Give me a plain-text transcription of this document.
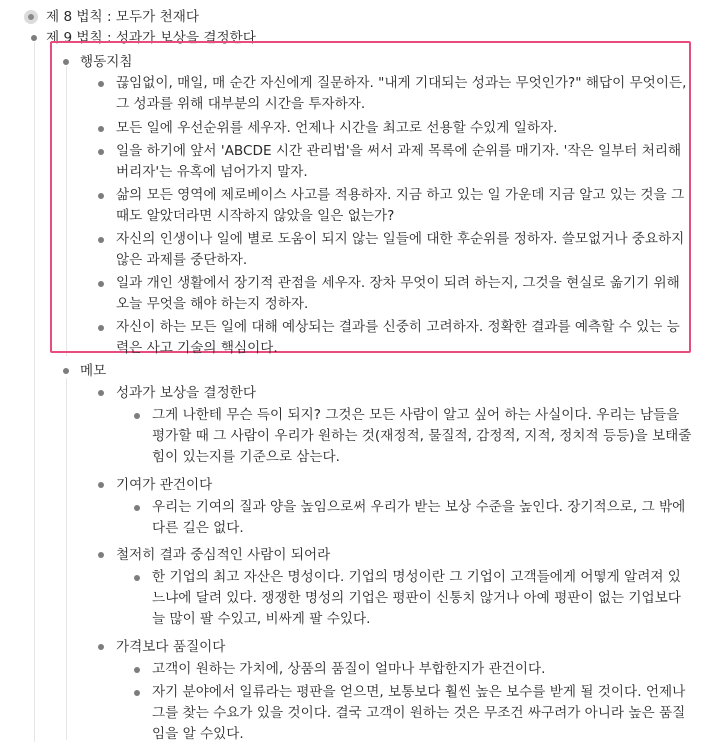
제 8 법칙 : 모두가 천재다
제 9 법칙 : 성과가 보상을 결정한다
행동지침
끊임없이, 매일, 매 순간 자신에게 질문하자. "내게 기대되는 성과는 무엇인가?" 해답이 무엇이든,
그 성과를 위해 대부분의 시간을 투자하자.
모든 일에 우선순위를 세우자. 언제나 시간을 최고로 선용할 수있게 일하자.
일을 하기에 앞서 'ABCDE 시간 관리법'을 써서 과제 목록에 순위를 매기자. '작은 일부터 처리해
버리자'는 유혹에 넘어가지 말자.
삶의 모든 영역에 제로베이스 사고를 적용하자. 지금 하고 있는 일 가운데 지금 알고 있는 것을 그
때도 알았더라면 시작하지 않았을 일은 없는가?
자신의 인생이나 일에 별로 도움이 되지 않는 일들에 대한 후순위를 정하자. 쓸모없거나 중요하지
않은 과제를 중단하자.
일과 개인 생활에서 장기적 관점을 세우자. 장차 무엇이 되려 하는지, 그것을 현실로 옮기기 위해
오늘 무엇을 해야 하는지 정하자.
자신이 하는 모든 일에 대해 예상되는 결과를 신중히 고려하자. 정확한 결과를 예측할 수 있는 능
력은 사고 기술의 핵심이다.
메모
성과가 보상을 결정한다
그게 나한테 무슨 득이 되지? 그것은 모든 사람이 알고 싶어 하는 사실이다. 우리는 남들을
평가할 때 그 사람이 우리가 원하는 것(재정적, 물질적, 감정적, 지적, 정치적 등등)을 보태줄
힘이 있는지를 기준으로 삼는다.
기여가 관건이다
우리는 기여의 질과 양을 높임으로써 우리가 받는 보상 수준을 높인다. 장기적으로, 그 밖에
다른 길은 없다.
철저히 결과 중심적인 사람이 되어라
한 기업의 최고 자산은 명성이다. 기업의 명성이란 그 기업이 고객들에게 어떻게 알려져 있
느냐에 달려 있다. 쟁쟁한 명성의 기업은 평판이 신통치 않거나 아예 평판이 없는 기업보다
늘 많이 팔 수있고, 비싸게 팔 수있다.
가격보다 품질이다
고객이 원하는 가치에, 상품의 품질이 얼마나 부합한지가 관건이다.
자기 분야에서 일류라는 평판을 얻으면, 보통보다 훨씬 높은 보수를 받게 될 것이다. 언제나
그를 찾는 수요가 있을 것이다. 결국 고객이 원하는 것은 무조건 싸구려가 아니라 높은 품질
임을 알 수있다.
